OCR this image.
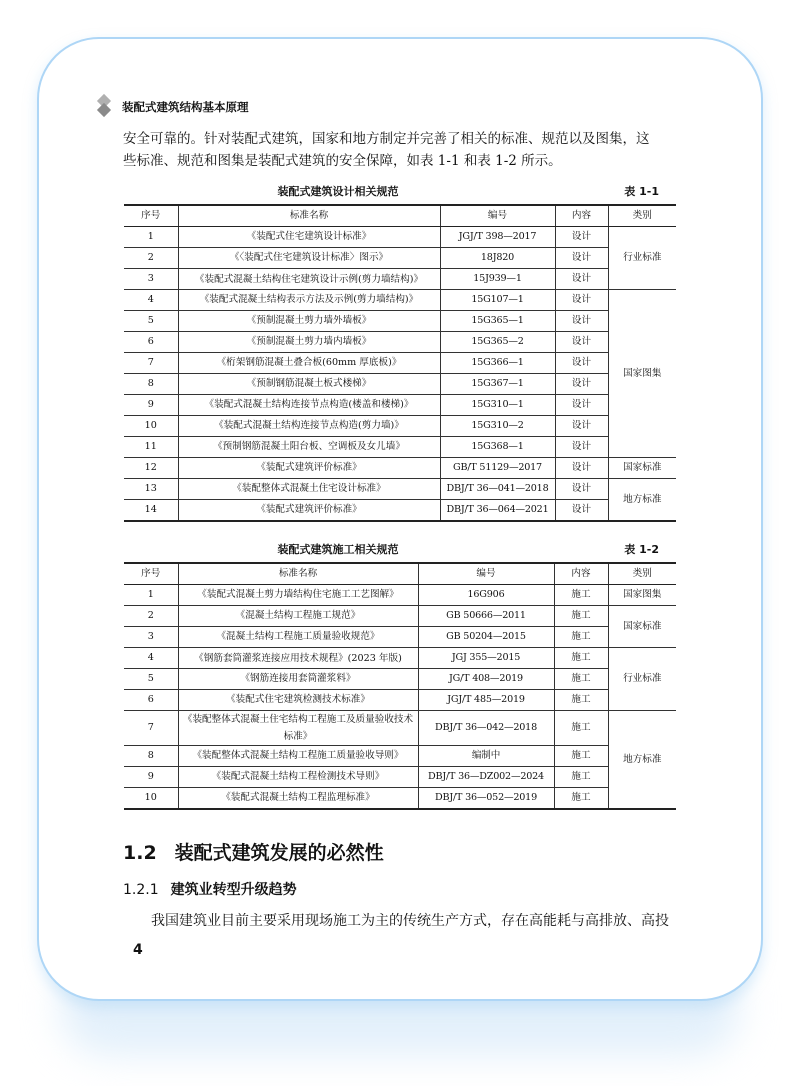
装配式建筑结构基本原理
安全可靠的。针对装配式建筑，国家和地方制定并完善了相关的标准、规范以及图集，这
些标准、规范和图集是装配式建筑的安全保障，如表 1-1 和表 1-2 所示。
装配式建筑设计相关规范	表 1-1
序号	标准名称	编号	内容	类别
1	《装配式住宅建筑设计标准》	JGJ/T 398—2017	设计	行业标准
2	《〈装配式住宅建筑设计标准〉图示》	18J820	设计	
3	《装配式混凝土结构住宅建筑设计示例(剪力墙结构)》	15J939—1	设计	
4	《装配式混凝土结构表示方法及示例(剪力墙结构)》	15G107—1	设计	国家图集
5	《预制混凝土剪力墙外墙板》	15G365—1	设计	
6	《预制混凝土剪力墙内墙板》	15G365—2	设计	
7	《桁架钢筋混凝土叠合板(60mm 厚底板)》	15G366—1	设计	
8	《预制钢筋混凝土板式楼梯》	15G367—1	设计	
9	《装配式混凝土结构连接节点构造(楼盖和楼梯)》	15G310—1	设计	
10	《装配式混凝土结构连接节点构造(剪力墙)》	15G310—2	设计	
11	《预制钢筋混凝土阳台板、空调板及女儿墙》	15G368—1	设计	
12	《装配式建筑评价标准》	GB/T 51129—2017	设计	国家标准
13	《装配整体式混凝土住宅设计标准》	DBJ/T 36—041—2018	设计	地方标准
14	《装配式建筑评价标准》	DBJ/T 36—064—2021	设计	
装配式建筑施工相关规范	表 1-2
序号	标准名称	编号	内容	类别
1	《装配式混凝土剪力墙结构住宅施工工艺图解》	16G906	施工	国家图集
2	《混凝土结构工程施工规范》	GB 50666—2011	施工	国家标准
3	《混凝土结构工程施工质量验收规范》	GB 50204—2015	施工	
4	《钢筋套筒灌浆连接应用技术规程》(2023 年版)	JGJ 355—2015	施工	行业标准
5	《钢筋连接用套筒灌浆料》	JG/T 408—2019	施工	
6	《装配式住宅建筑检测技术标准》	JGJ/T 485—2019	施工	
7	《装配整体式混凝土住宅结构工程施工及质量验收技术标准》	DBJ/T 36—042—2018	施工	地方标准
8	《装配整体式混凝土结构工程施工质量验收导则》	编制中	施工	
9	《装配式混凝土结构工程检测技术导则》	DBJ/T 36—DZ002—2024	施工	
10	《装配式混凝土结构工程监理标准》	DBJ/T 36—052—2019	施工	
1.2 装配式建筑发展的必然性
1.2.1 建筑业转型升级趋势
我国建筑业目前主要采用现场施工为主的传统生产方式，存在高能耗与高排放、高投
4
